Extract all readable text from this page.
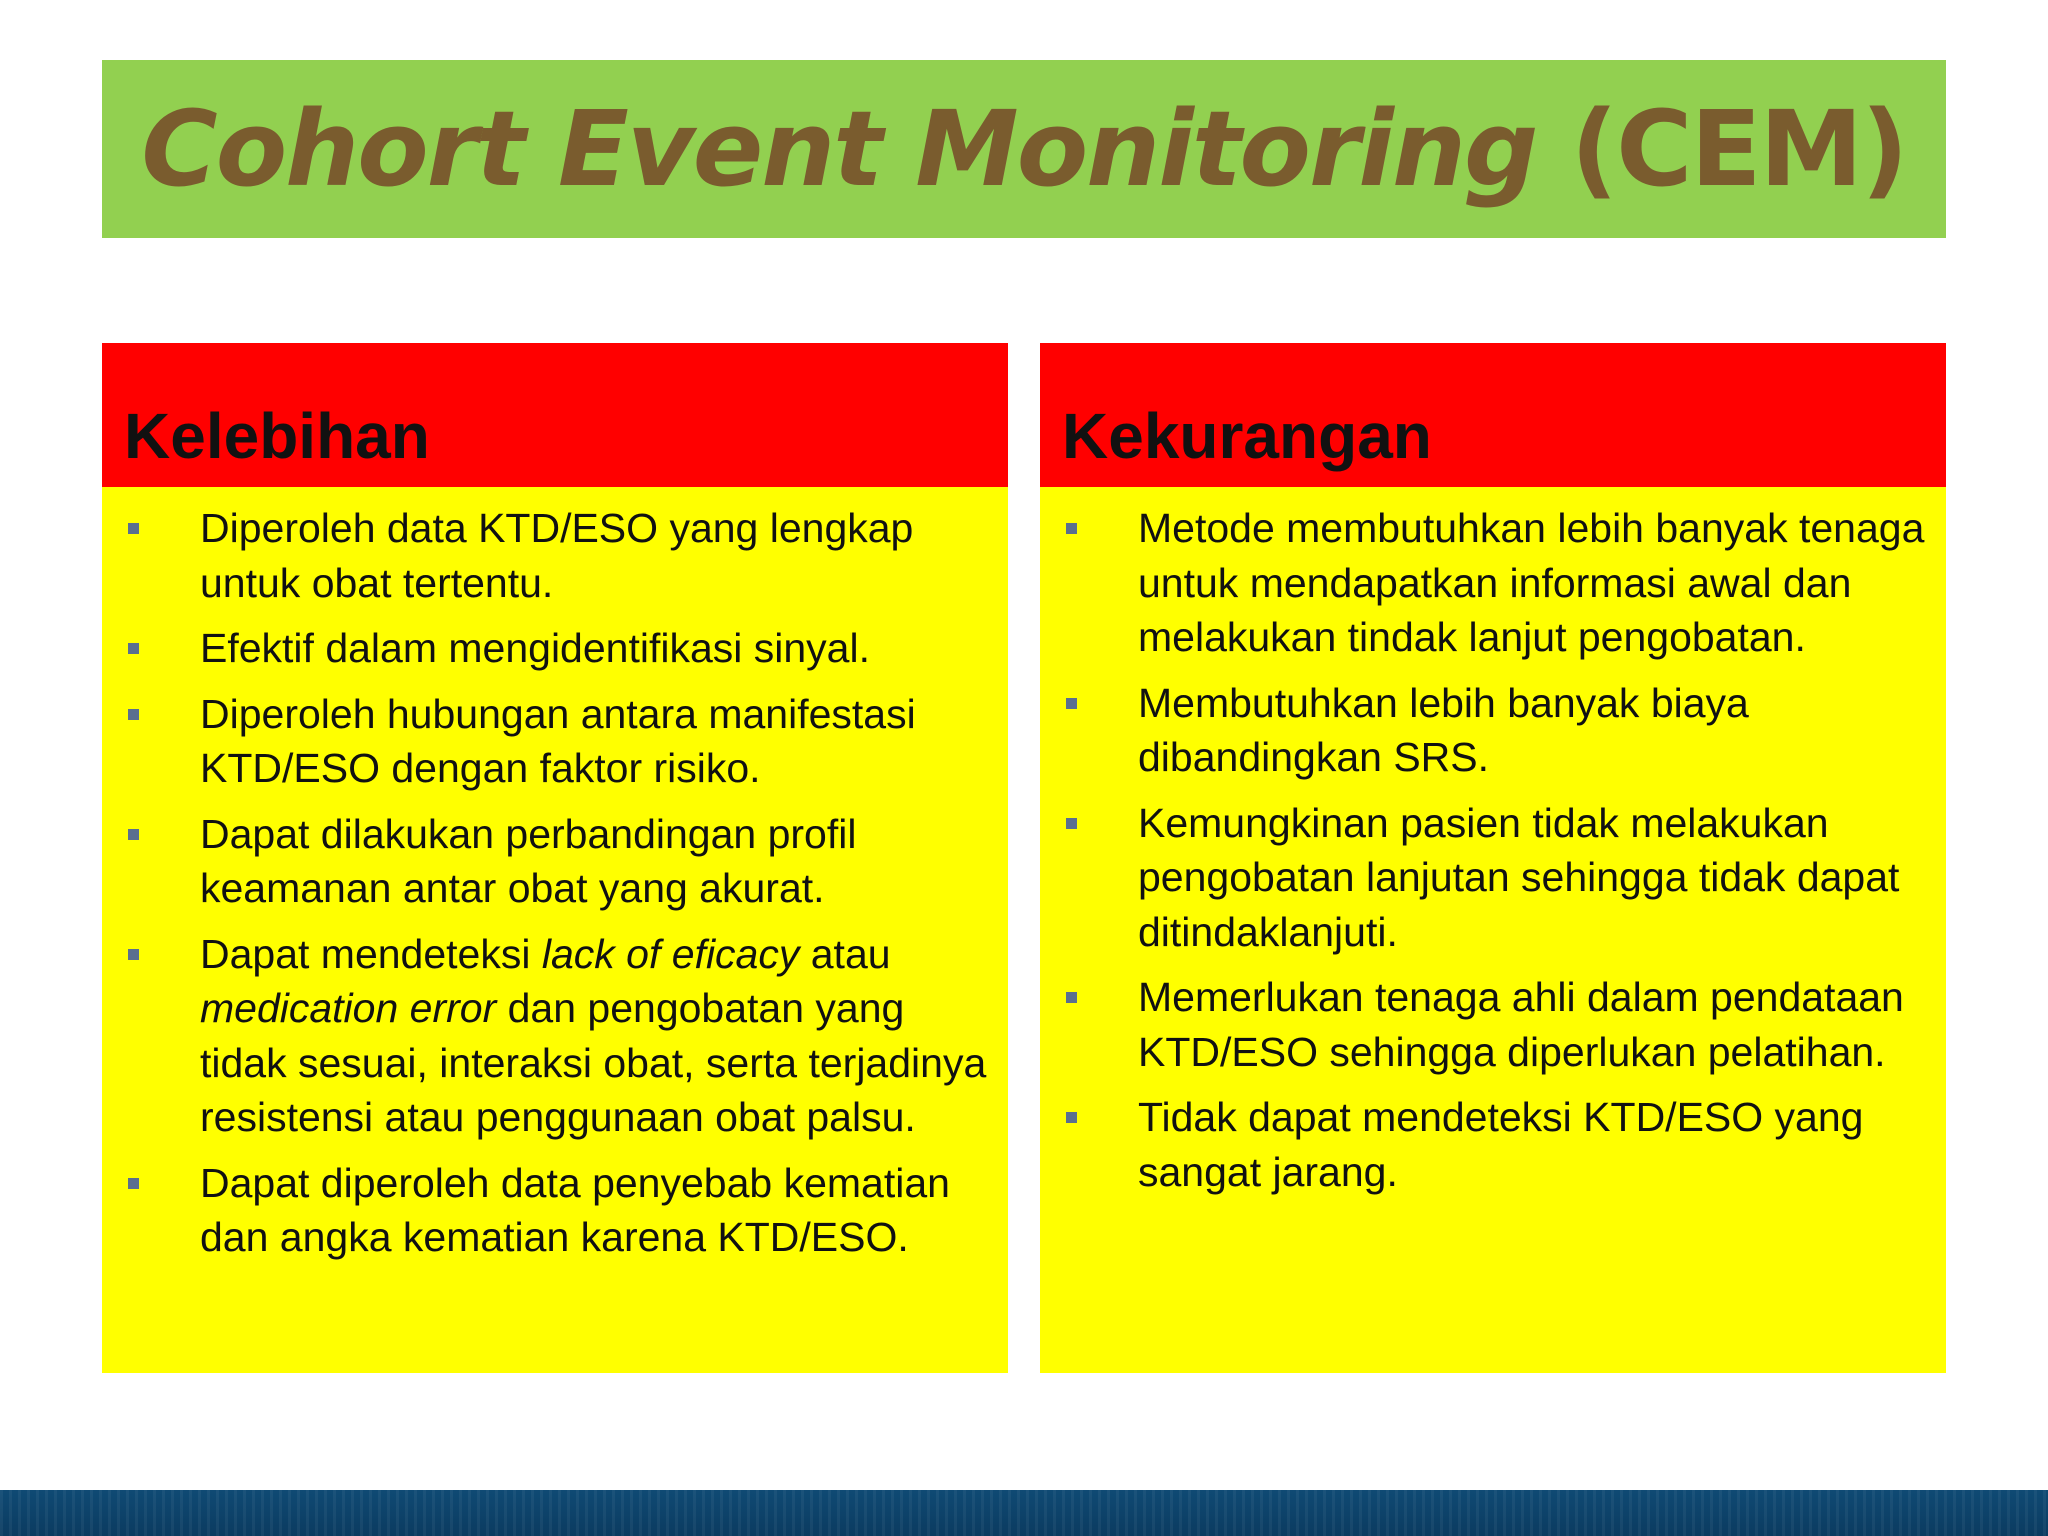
Cohort Event Monitoring (CEM)
Kelebihan
Diperoleh data KTD/ESO yang lengkap untuk obat tertentu.
Efektif dalam mengidentifikasi sinyal.
Diperoleh hubungan antara manifestasi KTD/ESO dengan faktor risiko.
Dapat dilakukan perbandingan profil keamanan antar obat yang akurat.
Dapat mendeteksi lack of eficacy atau medication error dan pengobatan yang tidak sesuai, interaksi obat, serta terjadinya resistensi atau penggunaan obat palsu.
Dapat diperoleh data penyebab kematian dan angka kematian karena KTD/ESO.
Kekurangan
Metode membutuhkan lebih banyak tenaga untuk mendapatkan informasi awal dan melakukan tindak lanjut pengobatan.
Membutuhkan lebih banyak biaya dibandingkan SRS.
Kemungkinan pasien tidak melakukan pengobatan lanjutan sehingga tidak dapat ditindaklanjuti.
Memerlukan tenaga ahli dalam pendataan KTD/ESO sehingga diperlukan pelatihan.
Tidak dapat mendeteksi KTD/ESO yang sangat jarang.
